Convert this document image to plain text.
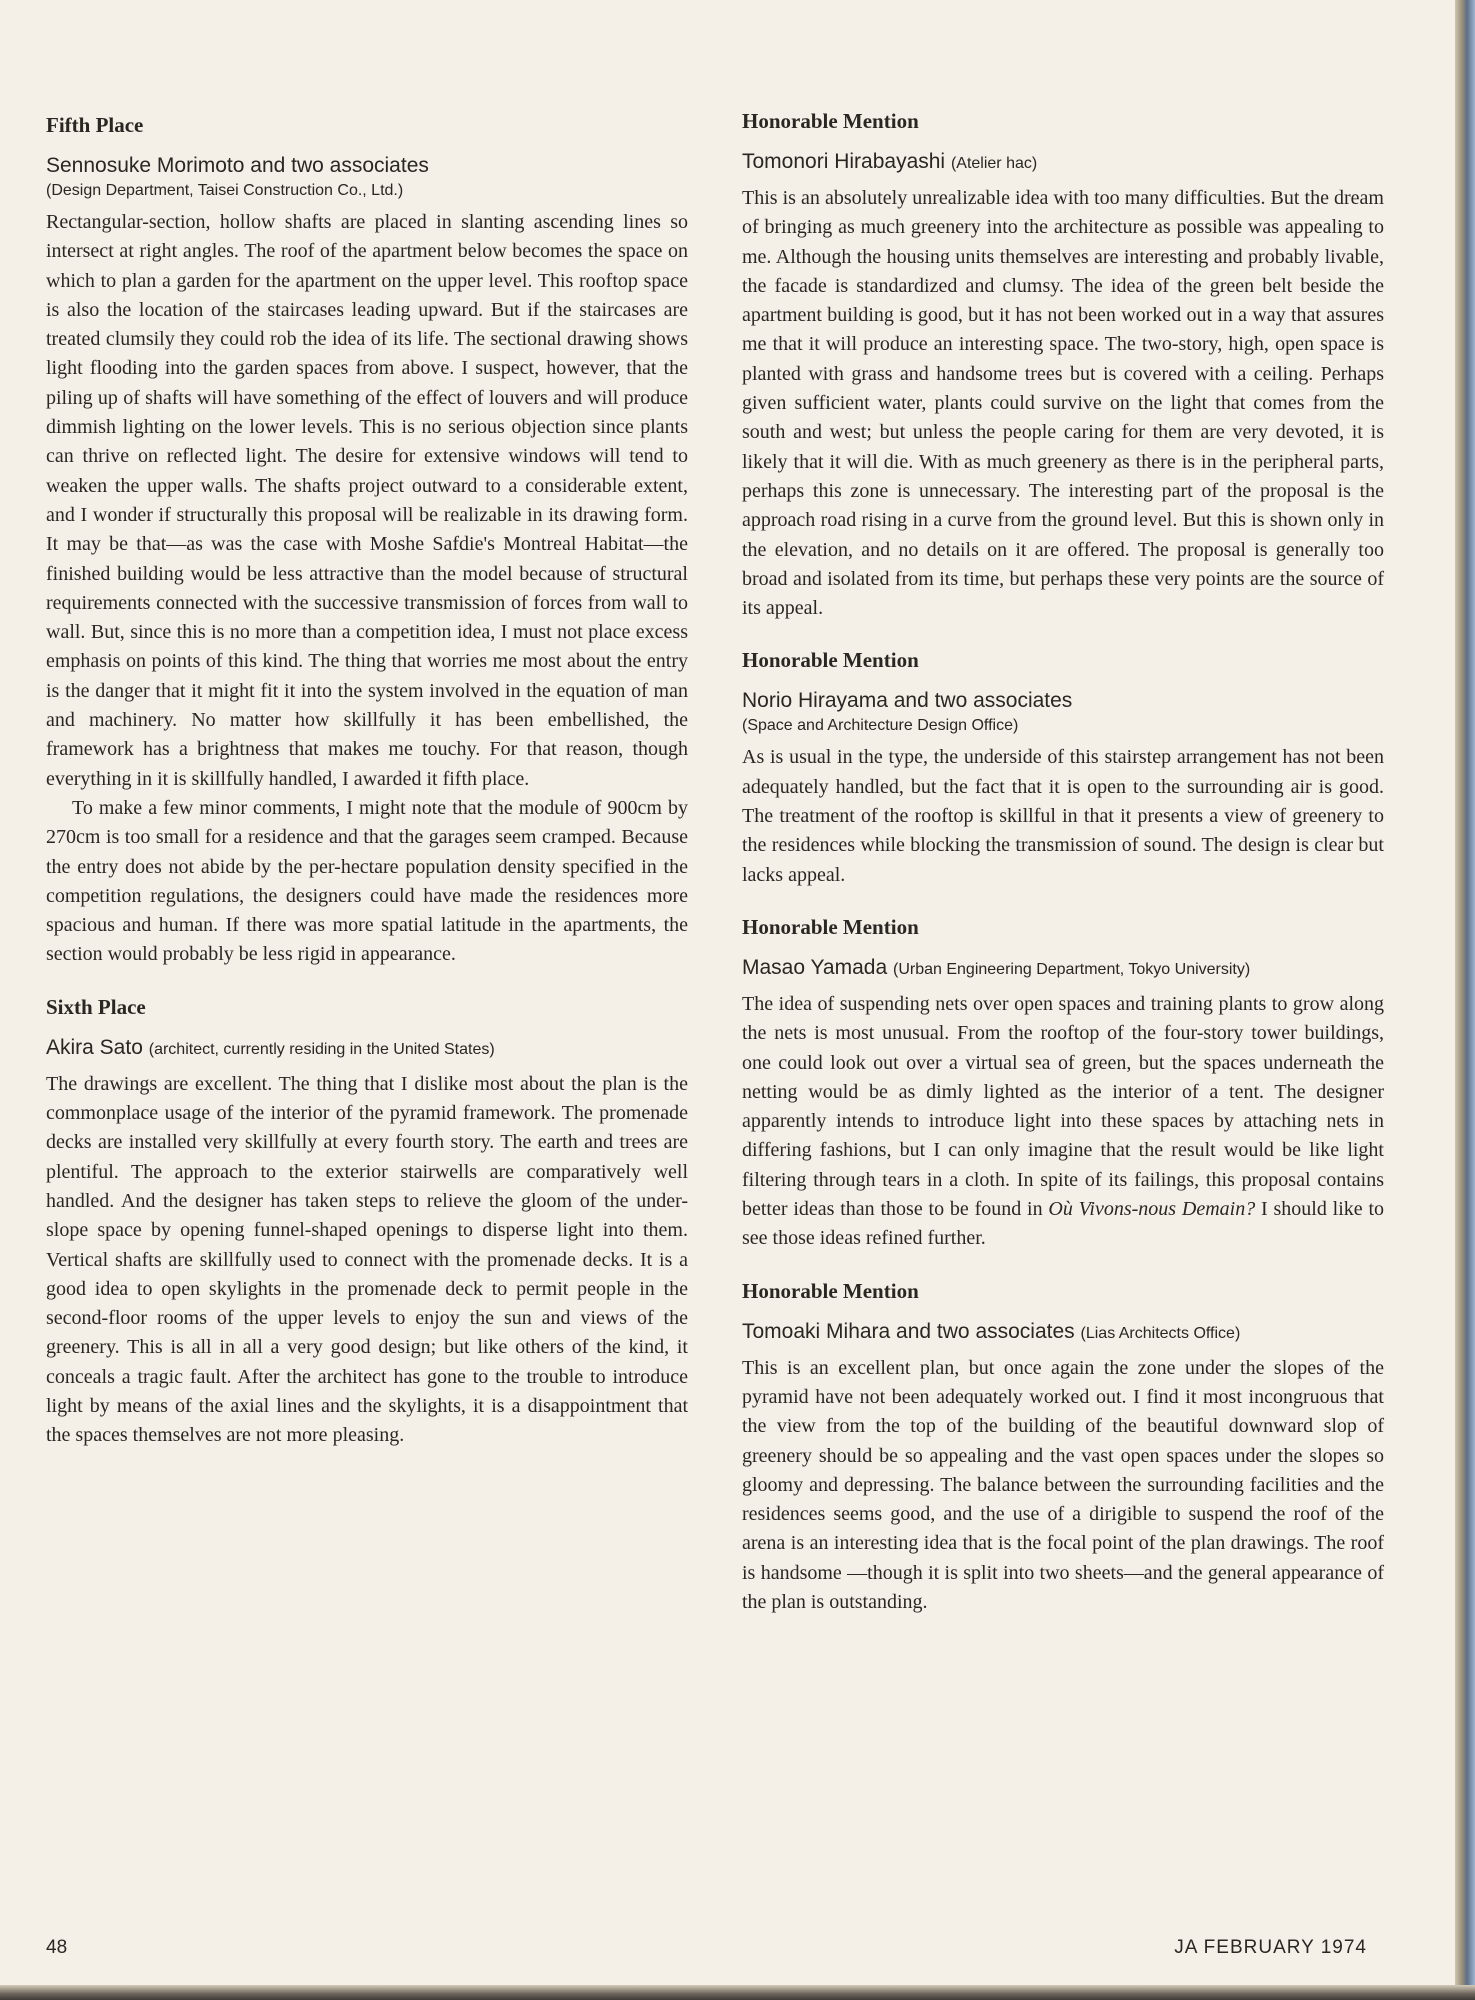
Fifth Place
Sennosuke Morimoto and two associates
(Design Department, Taisei Construction Co., Ltd.)

Rectangular-section, hollow shafts are placed in slanting ascending lines so intersect at right angles. The roof of the apartment below becomes the space on which to plan a garden for the apartment on the upper level. This rooftop space is also the location of the staircases leading upward. But if the staircases are treated clumsily they could rob the idea of its life. The sectional drawing shows light flooding into the garden spaces from above. I suspect, however, that the piling up of shafts will have something of the effect of louvers and will produce dimmish lighting on the lower levels. This is no serious objection since plants can thrive on reflected light. The desire for extensive windows will tend to weaken the upper walls. The shafts project outward to a considerable extent, and I wonder if structurally this proposal will be realizable in its drawing form. It may be that—as was the case with Moshe Safdie's Montreal Habitat—the finished building would be less attractive than the model because of structural requirements connected with the successive transmission of forces from wall to wall. But, since this is no more than a competition idea, I must not place excess emphasis on points of this kind. The thing that worries me most about the entry is the danger that it might fit it into the system involved in the equation of man and machinery. No matter how skillfully it has been embellished, the framework has a brightness that makes me touchy. For that reason, though everything in it is skillfully handled, I awarded it fifth place.

To make a few minor comments, I might note that the module of 900cm by 270cm is too small for a residence and that the garages seem cramped. Because the entry does not abide by the per-hectare population density specified in the competition regulations, the designers could have made the residences more spacious and human. If there was more spatial latitude in the apartments, the section would probably be less rigid in appearance.

Sixth Place
Akira Sato (architect, currently residing in the United States)

The drawings are excellent. The thing that I dislike most about the plan is the commonplace usage of the interior of the pyramid framework. The promenade decks are installed very skillfully at every fourth story. The earth and trees are plentiful. The approach to the exterior stairwells are comparatively well handled. And the designer has taken steps to relieve the gloom of the under-slope space by opening funnel-shaped openings to disperse light into them. Vertical shafts are skillfully used to connect with the promenade decks. It is a good idea to open skylights in the promenade deck to permit people in the second-floor rooms of the upper levels to enjoy the sun and views of the greenery. This is all in all a very good design; but like others of the kind, it conceals a tragic fault. After the architect has gone to the trouble to introduce light by means of the axial lines and the skylights, it is a disappointment that the spaces themselves are not more pleasing.

Honorable Mention
Tomonori Hirabayashi (Atelier hac)

This is an absolutely unrealizable idea with too many difficulties. But the dream of bringing as much greenery into the architecture as possible was appealing to me. Although the housing units themselves are interesting and probably livable, the facade is standardized and clumsy. The idea of the green belt beside the apartment building is good, but it has not been worked out in a way that assures me that it will produce an interesting space. The two-story, high, open space is planted with grass and handsome trees but is covered with a ceiling. Perhaps given sufficient water, plants could survive on the light that comes from the south and west; but unless the people caring for them are very devoted, it is likely that it will die. With as much greenery as there is in the peripheral parts, perhaps this zone is unnecessary. The interesting part of the proposal is the approach road rising in a curve from the ground level. But this is shown only in the elevation, and no details on it are offered. The proposal is generally too broad and isolated from its time, but perhaps these very points are the source of its appeal.

Honorable Mention
Norio Hirayama and two associates
(Space and Architecture Design Office)

As is usual in the type, the underside of this stairstep arrangement has not been adequately handled, but the fact that it is open to the surrounding air is good. The treatment of the rooftop is skillful in that it presents a view of greenery to the residences while blocking the transmission of sound. The design is clear but lacks appeal.

Honorable Mention
Masao Yamada (Urban Engineering Department, Tokyo University)

The idea of suspending nets over open spaces and training plants to grow along the nets is most unusual. From the rooftop of the four-story tower buildings, one could look out over a virtual sea of green, but the spaces underneath the netting would be as dimly lighted as the interior of a tent. The designer apparently intends to introduce light into these spaces by attaching nets in differing fashions, but I can only imagine that the result would be like light filtering through tears in a cloth. In spite of its failings, this proposal contains better ideas than those to be found in Où Vivons-nous Demain? I should like to see those ideas refined further.

Honorable Mention
Tomoaki Mihara and two associates (Lias Architects Office)

This is an excellent plan, but once again the zone under the slopes of the pyramid have not been adequately worked out. I find it most incongruous that the view from the top of the building of the beautiful downward slop of greenery should be so appealing and the vast open spaces under the slopes so gloomy and depressing. The balance between the surrounding facilities and the residences seems good, and the use of a dirigible to suspend the roof of the arena is an interesting idea that is the focal point of the plan drawings. The roof is handsome —though it is split into two sheets—and the general appearance of the plan is outstanding.

48	JA FEBRUARY 1974
